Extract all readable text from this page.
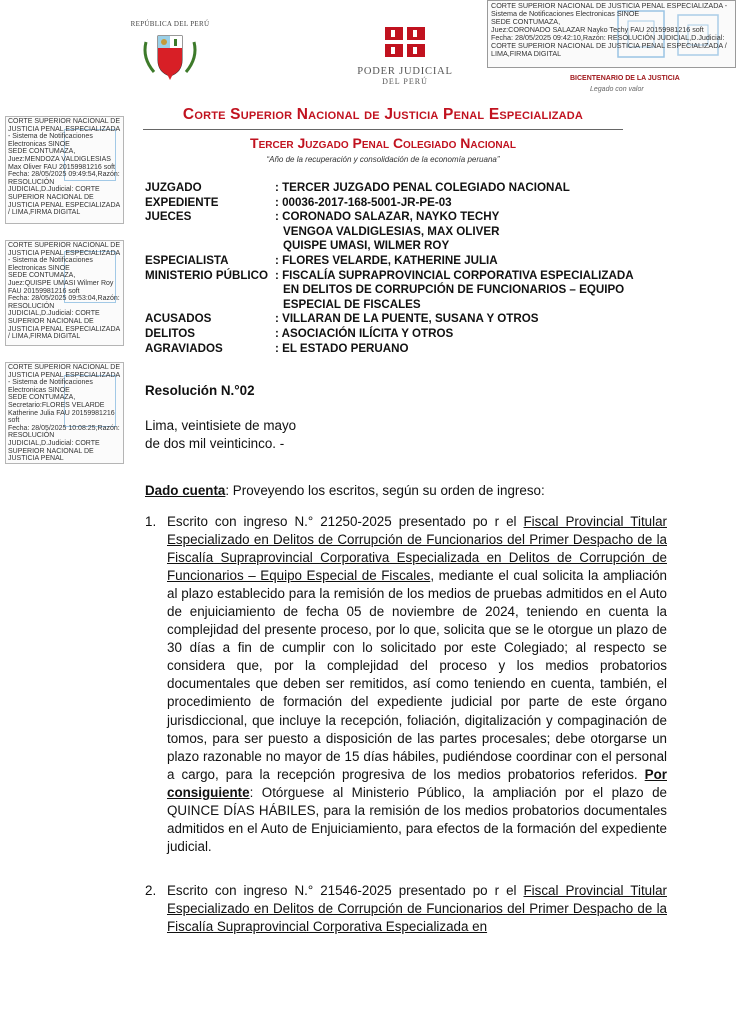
REPÚBLICA DEL PERÚ
PODER JUDICIAL
DEL PERÚ
CORTE SUPERIOR NACIONAL DE JUSTICIA PENAL ESPECIALIZADA - Sistema de Notificaciones Electronicas SINOE
SEDE CONTUMAZA,
Juez:CORONADO SALAZAR Nayko Techy FAU 20159981216 soft
Fecha: 28/05/2025 09:42:10,Razón: RESOLUCIÓN JUDICIAL,D.Judicial: CORTE SUPERIOR NACIONAL DE JUSTICIA PENAL ESPECIALIZADA / LIMA,FIRMA DIGITAL
BICENTENARIO DE LA JUSTICIA
Legado con valor
Corte Superior Nacional de Justicia Penal Especializada
Tercer Juzgado Penal Colegiado Nacional
“Año de la recuperación y consolidación de la economía peruana”
CORTE SUPERIOR NACIONAL DE JUSTICIA PENAL ESPECIALIZADA - Sistema de Notificaciones Electronicas SINOE
SEDE CONTUMAZA,
Juez:MENDOZA VALDIGLESIAS Max Oliver FAU 20159981216 soft
Fecha: 28/05/2025 09:49:54,Razón: RESOLUCIÓN JUDICIAL,D.Judicial: CORTE SUPERIOR NACIONAL DE JUSTICIA PENAL ESPECIALIZADA / LIMA,FIRMA DIGITAL
CORTE SUPERIOR NACIONAL DE JUSTICIA PENAL ESPECIALIZADA - Sistema de Notificaciones Electronicas SINOE
SEDE CONTUMAZA,
Juez:QUISPE UMASI Wilmer Roy FAU 20159981216 soft
Fecha: 28/05/2025 09:53:04,Razón: RESOLUCIÓN JUDICIAL,D.Judicial: CORTE SUPERIOR NACIONAL DE JUSTICIA PENAL ESPECIALIZADA / LIMA,FIRMA DIGITAL
CORTE SUPERIOR NACIONAL DE JUSTICIA PENAL ESPECIALIZADA - Sistema de Notificaciones Electronicas SINOE
SEDE CONTUMAZA,
Secretario:FLORES VELARDE Katherine Julia FAU 20159981216 soft
Fecha: 28/05/2025 10:08:25,Razón: RESOLUCIÓN JUDICIAL,D.Judicial: CORTE SUPERIOR NACIONAL DE JUSTICIA PENAL
JUZGADO	: TERCER JUZGADO PENAL COLEGIADO NACIONAL
EXPEDIENTE	: 00036-2017-168-5001-JR-PE-03
JUECES	: CORONADO SALAZAR, NAYKO TECHY
VENGOA VALDIGLESIAS, MAX OLIVER
QUISPE UMASI, WILMER ROY
ESPECIALISTA	: FLORES VELARDE, KATHERINE JULIA
MINISTERIO PÚBLICO : FISCALÍA SUPRAPROVINCIAL CORPORATIVA ESPECIALIZADA
EN DELITOS DE CORRUPCIÓN DE FUNCIONARIOS – EQUIPO
ESPECIAL DE FISCALES
ACUSADOS	: VILLARAN DE LA PUENTE, SUSANA Y OTROS
DELITOS	: ASOCIACIÓN ILÍCITA Y OTROS
AGRAVIADOS	: EL ESTADO PERUANO
Resolución N.°02
Lima, veintisiete de mayo
de dos mil veinticinco. -
Dado cuenta: Proveyendo los escritos, según su orden de ingreso:
1. Escrito con ingreso N.° 21250-2025 presentado po r el Fiscal Provincial Titular Especializado en Delitos de Corrupción de Funcionarios del Primer Despacho de la Fiscalía Supraprovincial Corporativa Especializada en Delitos de Corrupción de Funcionarios – Equipo Especial de Fiscales, mediante el cual solicita la ampliación al plazo establecido para la remisión de los medios de pruebas admitidos en el Auto de enjuiciamiento de fecha 05 de noviembre de 2024, teniendo en cuenta la complejidad del presente proceso, por lo que, solicita que se le otorgue un plazo de 30 días a fin de cumplir con lo solicitado por este Colegiado; al respecto se considera que, por la complejidad del proceso y los medios probatorios documentales que deben ser remitidos, así como teniendo en cuenta, también, el procedimiento de formación del expediente judicial por parte de este órgano jurisdiccional, que incluye la recepción, foliación, digitalización y compaginación de tomos, para ser puesto a disposición de las partes procesales; debe otorgarse un plazo razonable no mayor de 15 días hábiles, pudiéndose coordinar con el personal a cargo, para la recepción progresiva de los medios probatorios referidos. Por consiguiente: Otórguese al Ministerio Público, la ampliación por el plazo de QUINCE DÍAS HÁBILES, para la remisión de los medios probatorios documentales admitidos en el Auto de Enjuiciamiento, para efectos de la formación del expediente judicial.
2. Escrito con ingreso N.° 21546-2025 presentado po r el Fiscal Provincial Titular Especializado en Delitos de Corrupción de Funcionarios del Primer Despacho de la Fiscalía Supraprovincial Corporativa Especializada en
